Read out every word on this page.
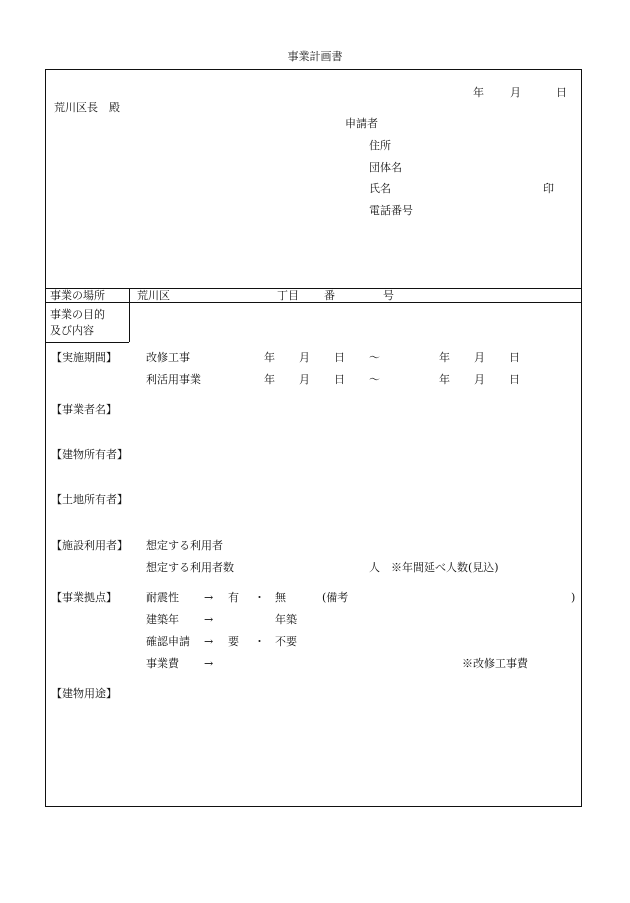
事業計画書
年 月	日
荒川区長　殿
申請者
住所
団体名
氏名	印
電話番号
事業の場所	荒川区	丁目 番	号
事業の目的
及び内容
【実施期間】	改修工事	年 月 日 ～	年 月 日
利活用事業	年 月 日 ～	年 月 日
【事業者名】
【建物所有者】
【土地所有者】
【施設利用者】 想定する利用者
想定する利用者数	人 ※年間延べ人数(見込)
【事業拠点】	耐震性 → 有 ・ 無	(備考	)
建築年 →	年築
確認申請 → 要 ・ 不要
事業費 →	※改修工事費
【建物用途】
